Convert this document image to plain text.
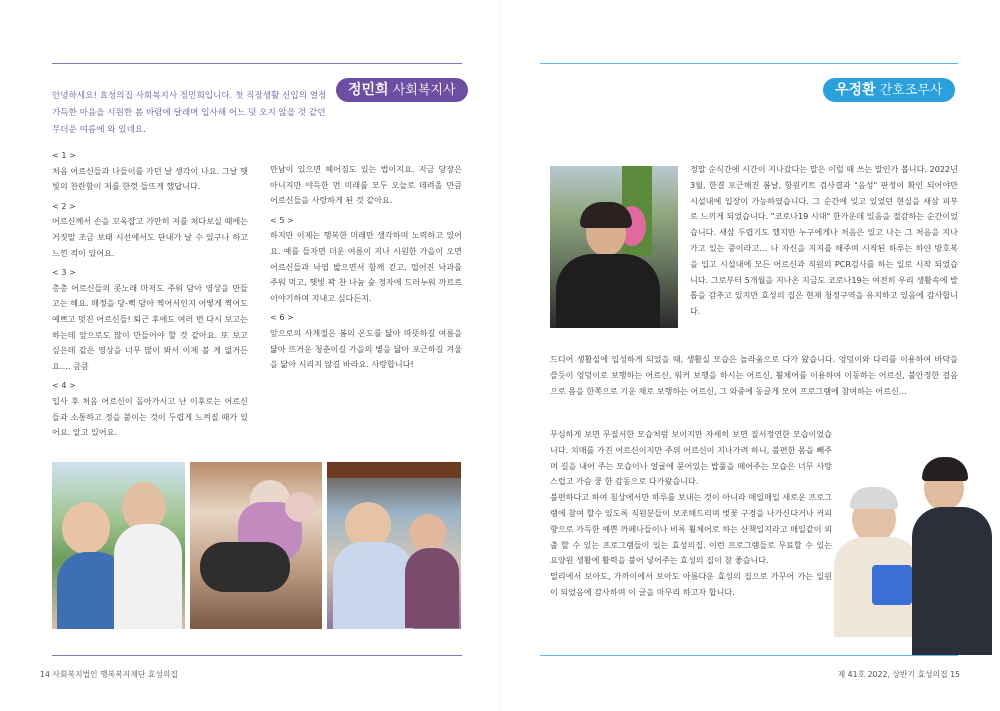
정민희 사회복지사
안녕하세요! 효성의집 사회복지사 정민희입니다. 첫 직장생활 신입의 열정 가득한 마음을 시원한 봄 바람에 달래며 입사해 어느 덧 오지 않을 것 같던 무더운 여름에 와 있네요.

< 1 >
처음 어르신들과 나들이를 가던 날 생각이 나요. 그날 햇빛의 찬란함이 저를 한껏 들뜨게 했답니다.

< 2 >
어르신께서 손을 꼬옥잡고 가만히 저를 쳐다보실 때에는 거짓말 조금 보태 시선에서도 단내가 날 수 있구나 하고 느낀 적이 있어요.

< 3 >
총총 어르신들의 콧노래 마저도 주워 담아 영상을 만들고는 해요. 매정을 당-뻑 담아 찍어서인지 어떻게 찍어도 예쁘고 멋진 어르신들! 퇴근 후에도 여러 번 다시 보고는 하는데 앞으로도 많이 만들어야 할 것 같아요. 또 보고 싶은데 같은 영상을 너무 많이 봐서 이제 볼 게 없거든요…. 큼큼

< 4 >
입사 후 처음 어르신이 돌아가시고 난 이후로는 어르신들과 소통하고 정을 붙이는 것이 두렵게 느껴질 때가 있어요. 알고 있어요.

만남이 있으면 헤어짐도 있는 법이지요. 지금 당장은 아니지만 야득한 먼 미래를 모두 오늘로 데려올 만큼 어르신들을 사랑하게 된 것 같아요.

< 5 >
하지만 이제는 행복한 미래만 생각하며 노력하고 있어요. 예를 들자면 더운 여름이 지나 시원한 가을이 오면 어르신들과 낙엽 밟으면서 함께 걷고, 떨어진 낙과를 주워 먹고, 햇빛 꽉 찬 나눔 숲 정자에 드러누워 까르르 이야기하며 지내고 싶다든지.

< 6 >
앞으로의 사계절은 봄의 온도를 닮아 따뜻하길 여름을 닮아 뜨거운 청춘이길 가을의 볕을 닮아 포근하길 겨울을 닮아 시리지 않길 바라요. 사랑합니다!

14 사회복지법인 행복복지재단 효성의집
우정환 간호조무사
정말 순식간에 시간이 지나갔다는 말은 이럴 때 쓰는 말인가 봅니다. 2022년 3월, 한결 포근해진 봄날, 항원키트 검사결과 "음성" 판정이 확인 되어야만 시설내에 입장이 가능하였습니다. 그 순간에 잊고 있었던 현실을 새삼 피부로 느끼게 되었습니다. "코로나19 시대" 한가운데 있음을 절감하는 순간이었습니다. 새삼 두렵기도 했지만 누구에게나 처음은 있고 나는 그 처음을 지나가고 있는 중이라고… 나 자신을 지지를 해주며 시작된 하루는 하얀 방호복을 입고 시설내에 모든 어르신과 직원의 PCR검사를 하는 일로 시작 되었습니다. 그로부터 5개월을 지나온 지금도 코로나19는 여전히 우리 생활속에 발톱을 감추고 있지만 효성의 집은 현재 청정구역을 유지하고 있음에 감사합니다.
드디어 생활실에 입성하게 되었을 때, 생활실 모습은 놀라움으로 다가 왔습니다. 엉덩이와 다리를 이용하여 바닥을 쓸듯이 엉덩이로 보행하는 어르신, 워커 보행을 하시는 어르신, 휠체어를 이용하여 이동하는 어르신, 불안정한 걸음으로 몸을 한쪽으로 기운 채로 보행하는 어르신, 그 와중에 동글게 모여 프로그램에 참여하는 어르신…

무심하게 보면 무질서한 모습처럼 보이지만 자세히 보면 질서정연한 모습이었습니다. 치매를 가진 어르신이지만 주위 어르신이 지나가려 하니, 불편한 몸을 빼주며 길을 내어 주는 모습이나 얼굴에 묻어있는 밥풀을 떼어주는 모습은 너무 사랑스럽고 가슴 쿵 한 감동으로 다가왔습니다.

불편하다고 하여 침상에서만 하루를 보내는 것이 아니라 매일매일 새로운 프로그램에 참여 할수 있도록 직원분들이 보조해드리며 벚꽃 구경을 나가신다거나 커피향으로 가득한 예쁜 까페나들이나 비록 휠체어로 하는 산책일지라고 매일같이 외출 할 수 있는 프로그램들이 있는 효성의집. 이런 프로그램들로 무료할 수 있는 요양원 생활에 활력을 불어 넣어주는 효성의 집이 참 좋습니다.

멀리에서 보아도, 가까이에서 보아도 아름다운 효성의 집으로 가꾸어 가는 일원이 되었음에 감사하며 이 글을 마무리 하고자 합니다.

제 41호 2022, 상반기 효성의집 15
